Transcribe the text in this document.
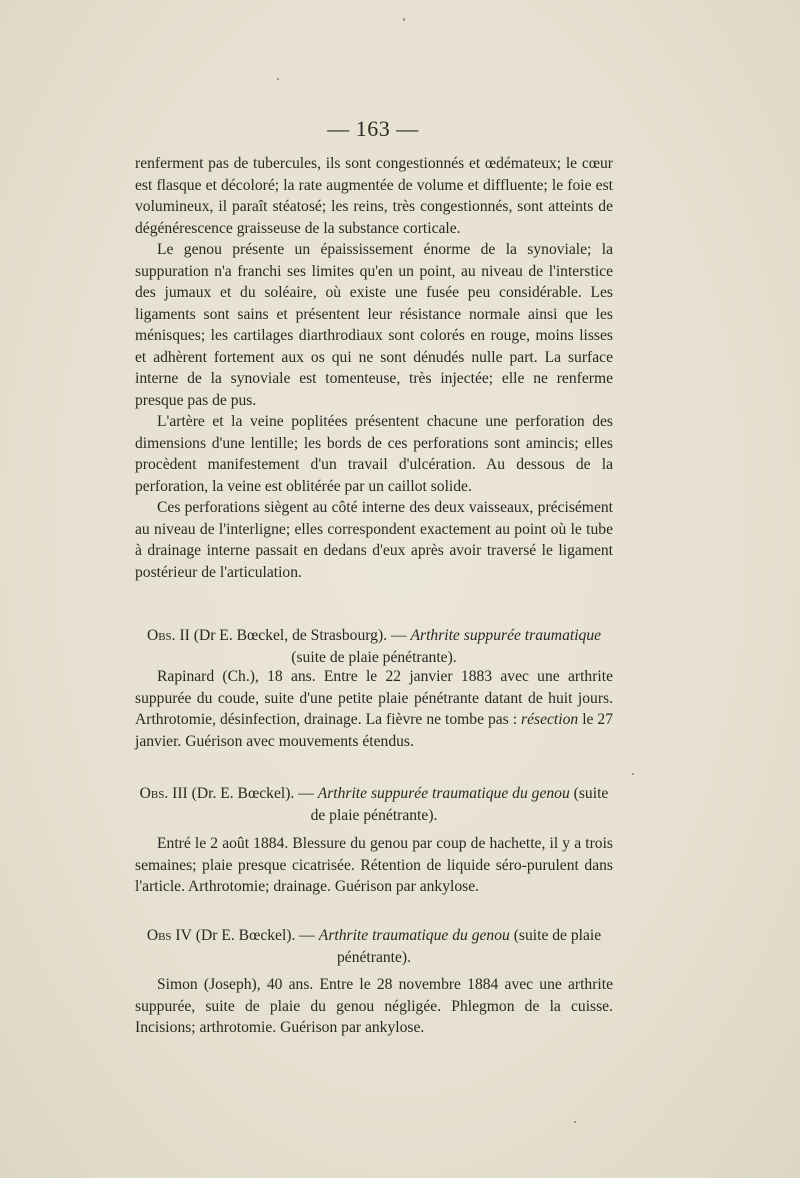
— 163 —

renferment pas de tubercules, ils sont congestionnés et œdémateux; le cœur est flasque et décoloré; la rate augmentée de volume et diffluente; le foie est volumineux, il paraît stéatosé; les reins, très congestionnés, sont atteints de dégénérescence graisseuse de la substance corticale.

Le genou présente un épaississement énorme de la synoviale; la suppuration n'a franchi ses limites qu'en un point, au niveau de l'interstice des jumaux et du soléaire, où existe une fusée peu considérable. Les ligaments sont sains et présentent leur résistance normale ainsi que les ménisques; les cartilages diarthrodiaux sont colorés en rouge, moins lisses et adhèrent fortement aux os qui ne sont dénudés nulle part. La surface interne de la synoviale est tomenteuse, très injectée; elle ne renferme presque pas de pus.

L'artère et la veine poplitées présentent chacune une perforation des dimensions d'une lentille; les bords de ces perforations sont amincis; elles procèdent manifestement d'un travail d'ulcération. Au dessous de la perforation, la veine est oblitérée par un caillot solide.

Ces perforations siègent au côté interne des deux vaisseaux, précisément au niveau de l'interligne; elles correspondent exactement au point où le tube à drainage interne passait en dedans d'eux après avoir traversé le ligament postérieur de l'articulation.

Obs. II (Dr E. Bœckel, de Strasbourg). — Arthrite suppurée traumatique (suite de plaie pénétrante).

Rapinard (Ch.), 18 ans. Entre le 22 janvier 1883 avec une arthrite suppurée du coude, suite d'une petite plaie pénétrante datant de huit jours. Arthrotomie, désinfection, drainage. La fièvre ne tombe pas : résection le 27 janvier. Guérison avec mouvements étendus.

Obs. III (Dr. E. Bœckel). — Arthrite suppurée traumatique du genou (suite de plaie pénétrante).

Entré le 2 août 1884. Blessure du genou par coup de hachette, il y a trois semaines; plaie presque cicatrisée. Rétention de liquide séro-purulent dans l'article. Arthrotomie; drainage. Guérison par ankylose.

Obs IV (Dr E. Bœckel). — Arthrite traumatique du genou (suite de plaie pénétrante).

Simon (Joseph), 40 ans. Entre le 28 novembre 1884 avec une arthrite suppurée, suite de plaie du genou négligée. Phlegmon de la cuisse. Incisions; arthrotomie. Guérison par ankylose.
